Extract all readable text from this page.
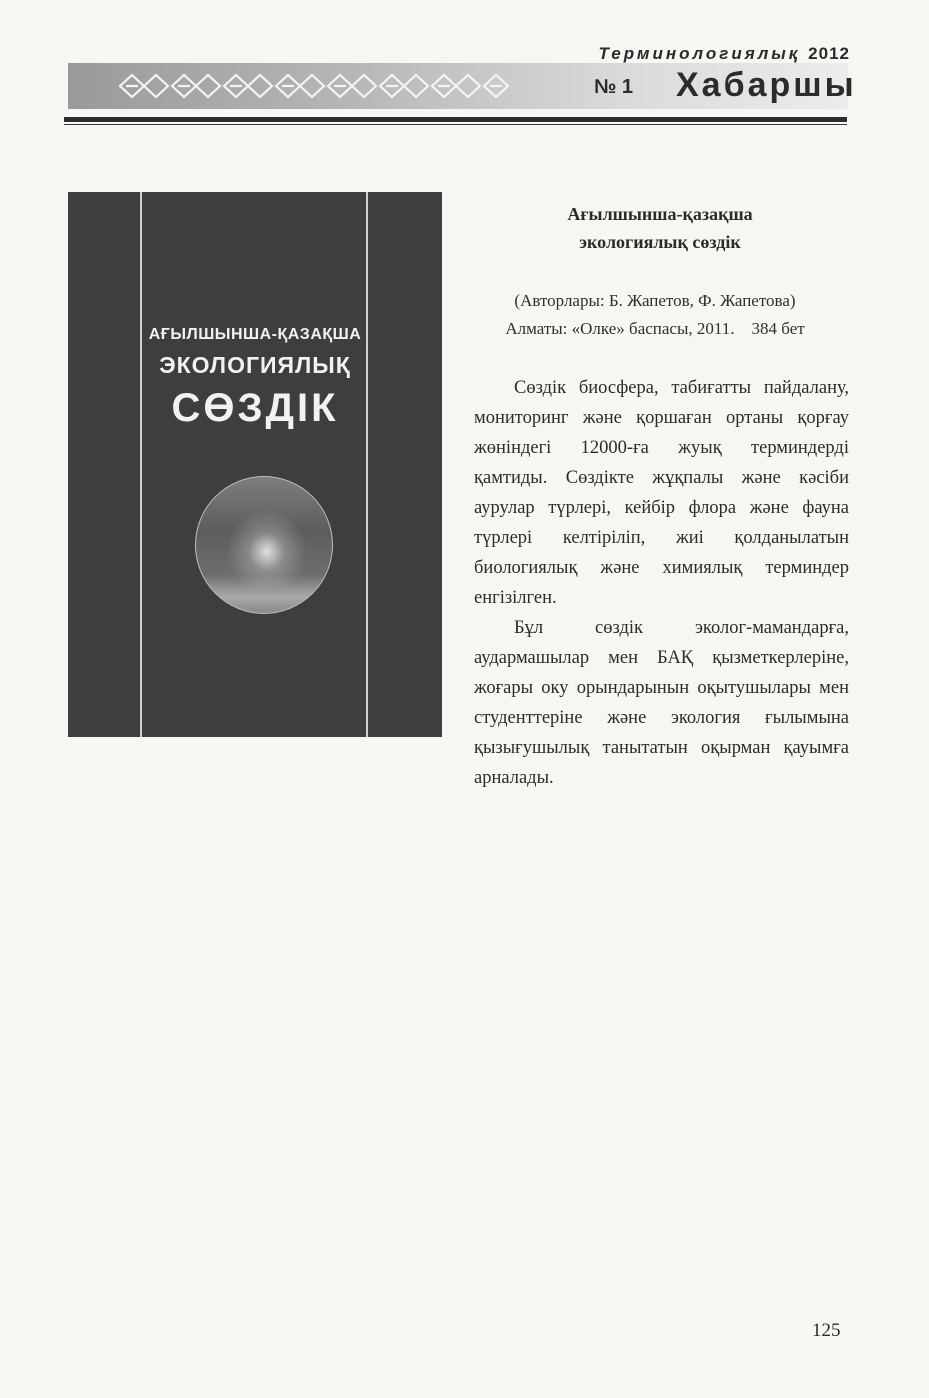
Терминологиялық 2012
№ 1 Хабаршы
АҒЫЛШЫНША-ҚАЗАҚША
ЭКОЛОГИЯЛЫҚ
СӨЗДІК
Ағылшынша-қазақша
экологиялық сөздік
(Авторлары: Б. Жапетов, Ф. Жапетова)
Алматы: «Олке» баспасы, 2011.    384 бет

Сөздік биосфера, табиғатты пайдалану, мониторинг және қоршаған ортаны қорғау жөніндегі 12000-ға жуық терминдерді қамтиды. Сөздікте жұқпалы және кәсіби аурулар түрлері, кейбір флора және фауна түрлері келтіріліп, жиі қолданылатын биологиялық және химиялық терминдер енгізілген.

Бұл сөздік эколог-мамандарға, аудармашылар мен БАҚ қызметкерлеріне, жоғары оку орындарынын оқытушылары мен студенттеріне және экология ғылымына қызығушылық танытатын оқырман қауымға арналады.

125
